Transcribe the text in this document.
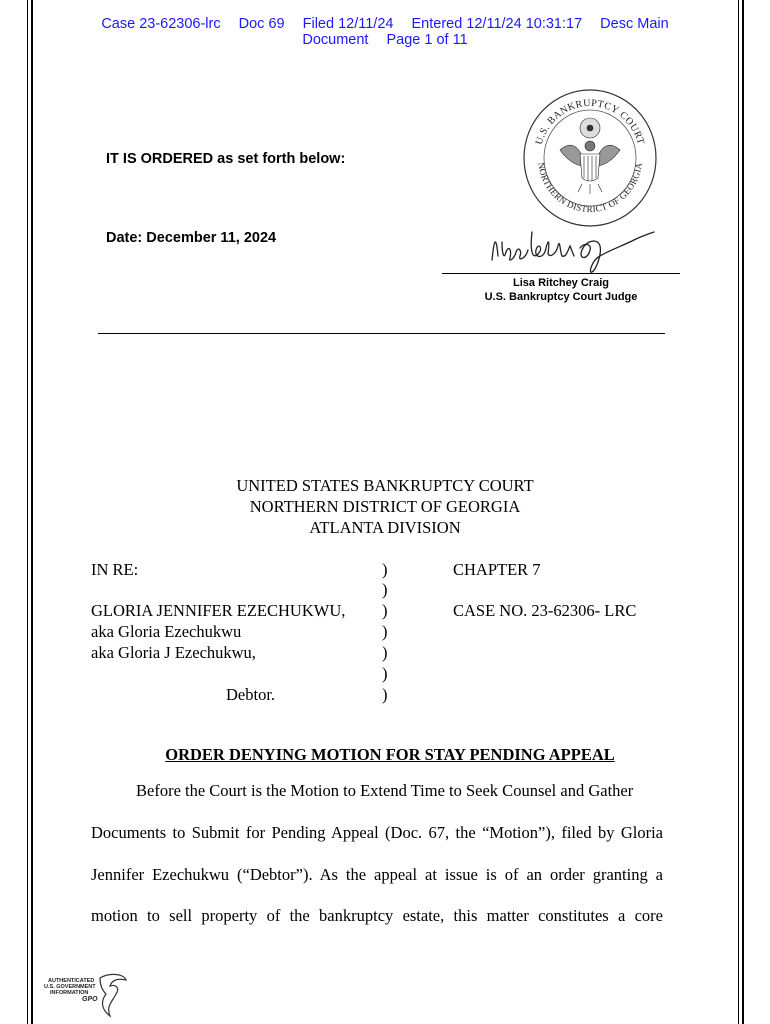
Case 23-62306-lrc Doc 69 Filed 12/11/24 Entered 12/11/24 10:31:17 Desc Main
Document Page 1 of 11
IT IS ORDERED as set forth below:
Date: December 11, 2024
U.S. BANKRUPTCY COURT
NORTHERN DISTRICT OF GEORGIA
Lisa Ritchey Craig
U.S. Bankruptcy Court Judge
UNITED STATES BANKRUPTCY COURT
NORTHERN DISTRICT OF GEORGIA
ATLANTA DIVISION
IN RE:
GLORIA JENNIFER EZECHUKWU,
aka Gloria Ezechukwu
aka Gloria J Ezechukwu,
Debtor.
)
)
)
)
)
)
)
CHAPTER 7
CASE NO. 23-62306- LRC
ORDER DENYING MOTION FOR STAY PENDING APPEAL
Before the Court is the Motion to Extend Time to Seek Counsel and Gather
Documents to Submit for Pending Appeal (Doc. 67, the “Motion”), filed by Gloria
Jennifer Ezechukwu (“Debtor”). As the appeal at issue is of an order granting a
motion to sell property of the bankruptcy estate, this matter constitutes a core
AUTHENTICATED
U.S. GOVERNMENT
INFORMATION
GPO
